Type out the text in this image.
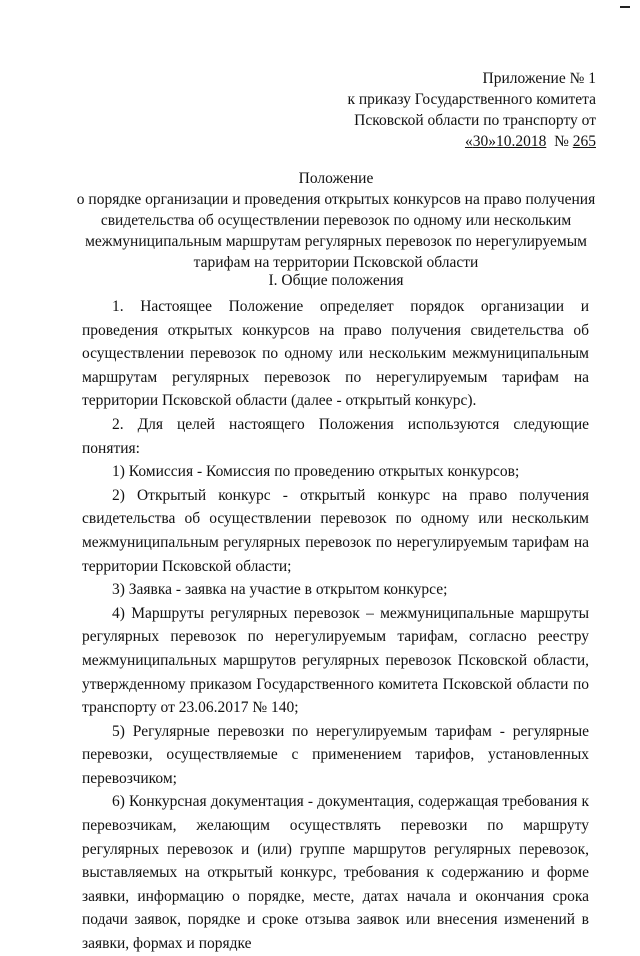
Приложение № 1
к приказу Государственного комитета
Псковской области по транспорту от
«30»10.2018 № 265
Положение
о порядке организации и проведения открытых конкурсов на право получения
свидетельства об осуществлении перевозок по одному или нескольким
межмуниципальным маршрутам регулярных перевозок по нерегулируемым
тарифам на территории Псковской области
I. Общие положения

1. Настоящее Положение определяет порядок организации и проведения открытых конкурсов на право получения свидетельства об осуществлении перевозок по одному или нескольким межмуниципальным маршрутам регулярных перевозок по нерегулируемым тарифам на территории Псковской области (далее - открытый конкурс).

2. Для целей настоящего Положения используются следующие понятия:

1) Комиссия - Комиссия по проведению открытых конкурсов;

2) Открытый конкурс - открытый конкурс на право получения свидетельства об осуществлении перевозок по одному или нескольким межмуниципальным регулярных перевозок по нерегулируемым тарифам на территории Псковской области;

3) Заявка - заявка на участие в открытом конкурсе;

4) Маршруты регулярных перевозок – межмуниципальные маршруты регулярных перевозок по нерегулируемым тарифам, согласно реестру межмуниципальных маршрутов регулярных перевозок Псковской области, утвержденному приказом Государственного комитета Псковской области по транспорту от 23.06.2017 № 140;

5) Регулярные перевозки по нерегулируемым тарифам - регулярные перевозки, осуществляемые с применением тарифов, установленных перевозчиком;

6) Конкурсная документация - документация, содержащая требования к перевозчикам, желающим осуществлять перевозки по маршруту регулярных перевозок и (или) группе маршрутов регулярных перевозок, выставляемых на открытый конкурс, требования к содержанию и форме заявки, информацию о порядке, месте, датах начала и окончания срока подачи заявок, порядке и сроке отзыва заявок или внесения изменений в заявки, формах и порядке
